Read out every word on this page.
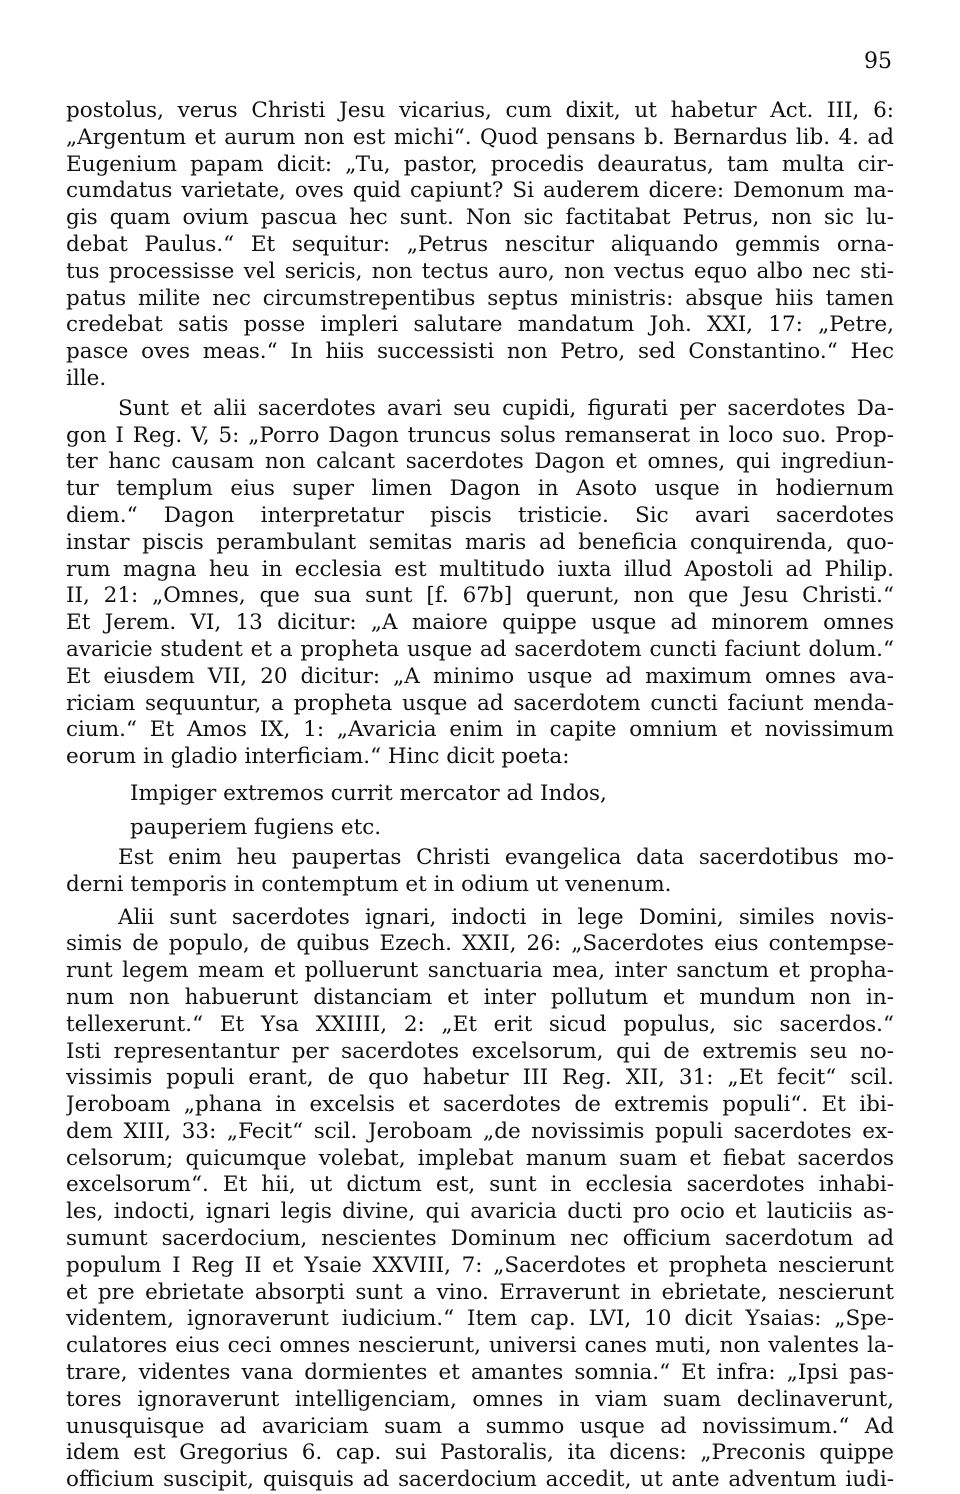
95

postolus, verus Christi Jesu vicarius, cum dixit, ut habetur Act. III, 6:
„Argentum et aurum non est michi“. Quod pensans b. Bernardus lib. 4. ad
Eugenium papam dicit: „Tu, pastor, procedis deauratus, tam multa cir-
cumdatus varietate, oves quid capiunt? Si auderem dicere: Demonum ma-
gis quam ovium pascua hec sunt. Non sic factitabat Petrus, non sic lu-
debat Paulus.“ Et sequitur: „Petrus nescitur aliquando gemmis orna-
tus processisse vel sericis, non tectus auro, non vectus equo albo nec sti-
patus milite nec circumstrepentibus septus ministris: absque hiis tamen
credebat satis posse impleri salutare mandatum Joh. XXI, 17: „Petre,
pasce oves meas.“ In hiis successisti non Petro, sed Constantino.“ Hec
ille.
Sunt et alii sacerdotes avari seu cupidi, figurati per sacerdotes Da-
gon I Reg. V, 5: „Porro Dagon truncus solus remanserat in loco suo. Prop-
ter hanc causam non calcant sacerdotes Dagon et omnes, qui ingrediun-
tur templum eius super limen Dagon in Asoto usque in hodiernum
diem.“ Dagon interpretatur piscis tristicie. Sic avari sacerdotes
instar piscis perambulant semitas maris ad beneficia conquirenda, quo-
rum magna heu in ecclesia est multitudo iuxta illud Apostoli ad Philip.
II, 21: „Omnes, que sua sunt [f. 67b] querunt, non que Jesu Christi.“
Et Jerem. VI, 13 dicitur: „A maiore quippe usque ad minorem omnes
avaricie student et a propheta usque ad sacerdotem cuncti faciunt dolum.“
Et eiusdem VII, 20 dicitur: „A minimo usque ad maximum omnes ava-
riciam sequuntur, a propheta usque ad sacerdotem cuncti faciunt menda-
cium.“ Et Amos IX, 1: „Avaricia enim in capite omnium et novissimum
eorum in gladio interficiam.“ Hinc dicit poeta:
Impiger extremos currit mercator ad Indos,
pauperiem fugiens etc.
Est enim heu paupertas Christi evangelica data sacerdotibus mo-
derni temporis in contemptum et in odium ut venenum.
Alii sunt sacerdotes ignari, indocti in lege Domini, similes novis-
simis de populo, de quibus Ezech. XXII, 26: „Sacerdotes eius contempse-
runt legem meam et polluerunt sanctuaria mea, inter sanctum et propha-
num non habuerunt distanciam et inter pollutum et mundum non in-
tellexerunt.“ Et Ysa XXIIII, 2: „Et erit sicud populus, sic sacerdos.“
Isti representantur per sacerdotes excelsorum, qui de extremis seu no-
vissimis populi erant, de quo habetur III Reg. XII, 31: „Et fecit“ scil.
Jeroboam „phana in excelsis et sacerdotes de extremis populi“. Et ibi-
dem XIII, 33: „Fecit“ scil. Jeroboam „de novissimis populi sacerdotes ex-
celsorum; quicumque volebat, implebat manum suam et fiebat sacerdos
excelsorum“. Et hii, ut dictum est, sunt in ecclesia sacerdotes inhabi-
les, indocti, ignari legis divine, qui avaricia ducti pro ocio et lauticiis as-
sumunt sacerdocium, nescientes Dominum nec officium sacerdotum ad
populum I Reg II et Ysaie XXVIII, 7: „Sacerdotes et propheta nescierunt
et pre ebrietate absorpti sunt a vino. Erraverunt in ebrietate, nescierunt
videntem, ignoraverunt iudicium.“ Item cap. LVI, 10 dicit Ysaias: „Spe-
culatores eius ceci omnes nescierunt, universi canes muti, non valentes la-
trare, videntes vana dormientes et amantes somnia.“ Et infra: „Ipsi pas-
tores ignoraverunt intelligenciam, omnes in viam suam declinaverunt,
unusquisque ad avariciam suam a summo usque ad novissimum.“ Ad
idem est Gregorius 6. cap. sui Pastoralis, ita dicens: „Preconis quippe
officium suscipit, quisquis ad sacerdocium accedit, ut ante adventum iudi-
